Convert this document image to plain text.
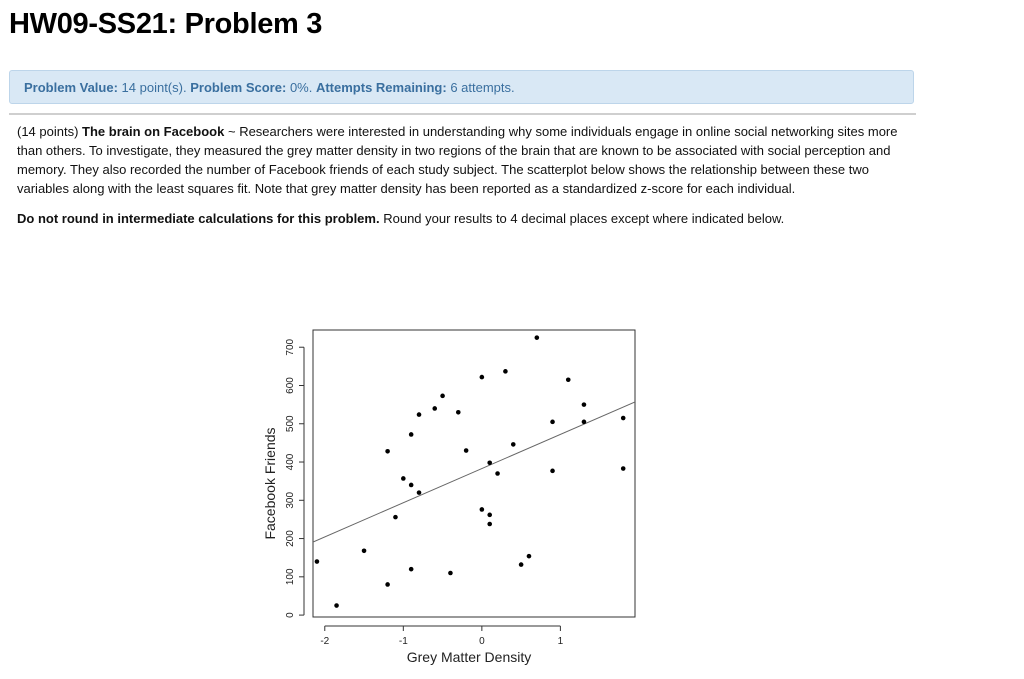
HW09-SS21: Problem 3
Problem Value: 14 point(s). Problem Score: 0%. Attempts Remaining: 6 attempts.

(14 points) The brain on Facebook ~ Researchers were interested in understanding why some individuals engage in online social networking sites more than others. To investigate, they measured the grey matter density in two regions of the brain that are known to be associated with social perception and memory. They also recorded the number of Facebook friends of each study subject. The scatterplot below shows the relationship between these two variables along with the least squares fit. Note that grey matter density has been reported as a standardized z-score for each individual.

Do not round in intermediate calculations for this problem. Round your results to 4 decimal places except where indicated below.

-2	-1	0	1
0
100
200
300
400
500
600
700
Grey Matter Density
Facebook Friends
